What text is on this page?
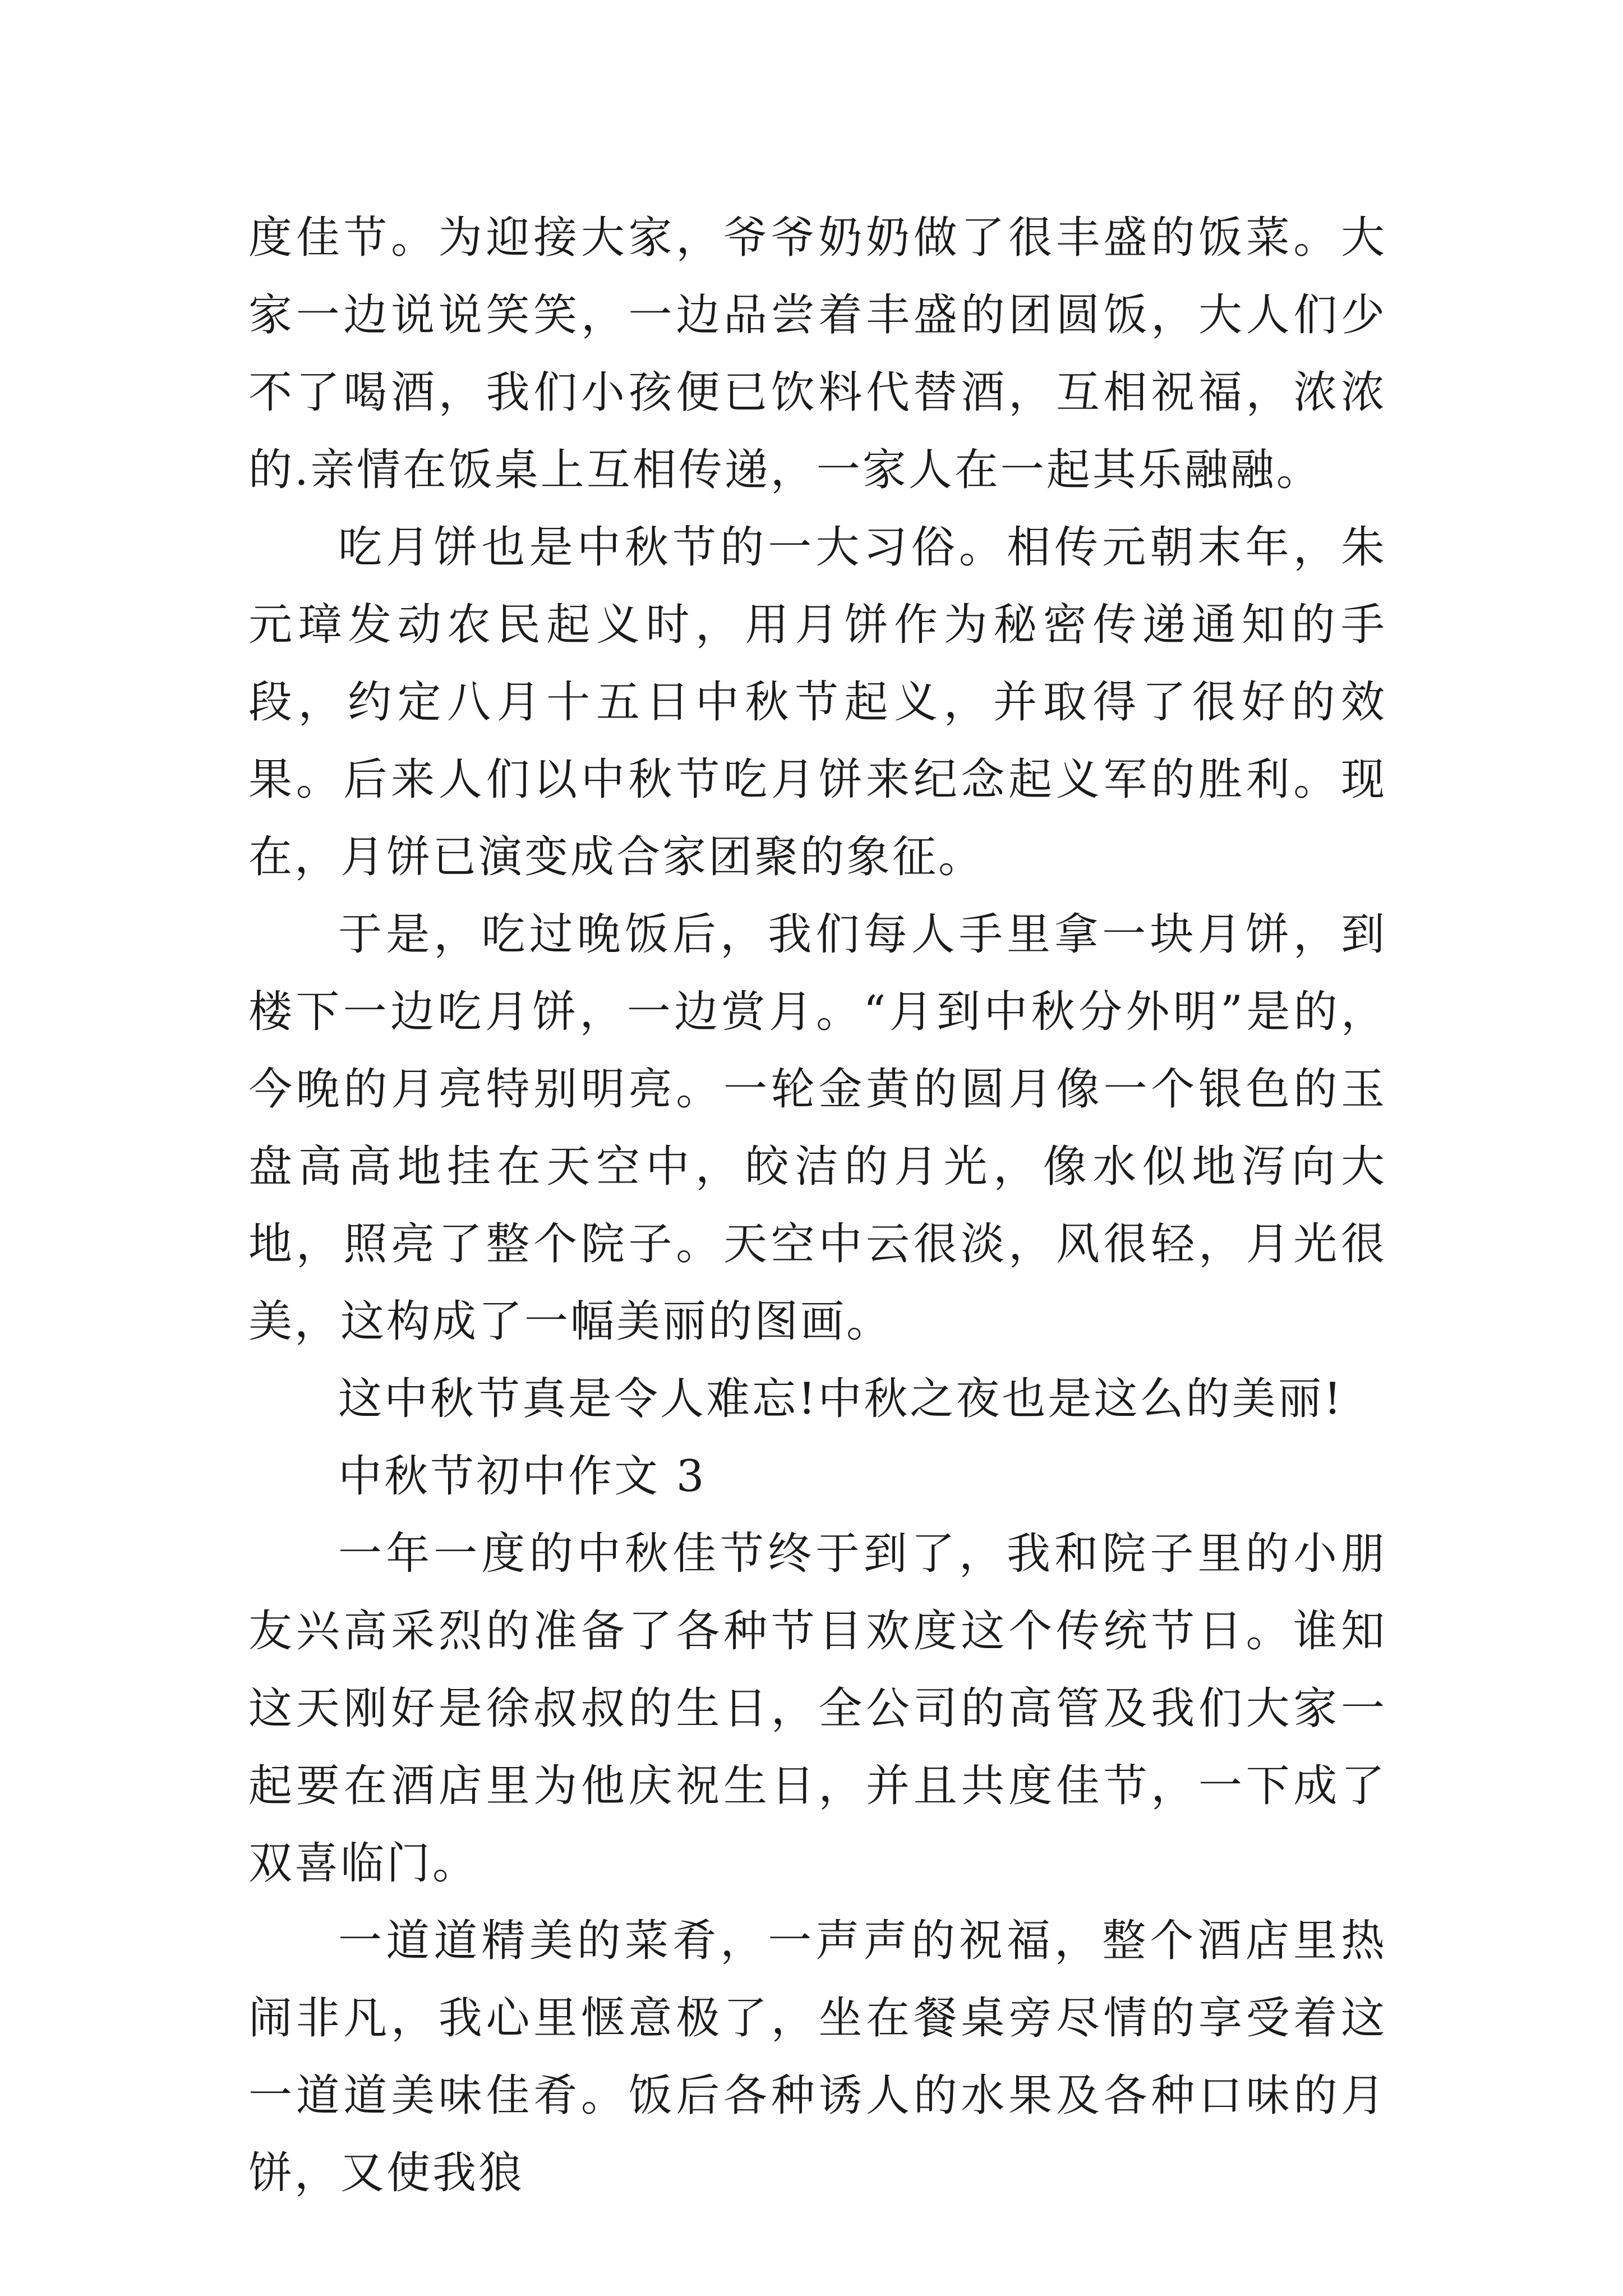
度佳节。为迎接大家，爷爷奶奶做了很丰盛的饭菜。大家一边说说笑笑，一边品尝着丰盛的团圆饭，大人们少不了喝酒，我们小孩便已饮料代替酒，互相祝福，浓浓的.亲情在饭桌上互相传递，一家人在一起其乐融融。

吃月饼也是中秋节的一大习俗。相传元朝末年，朱元璋发动农民起义时，用月饼作为秘密传递通知的手段，约定八月十五日中秋节起义，并取得了很好的效果。后来人们以中秋节吃月饼来纪念起义军的胜利。现在，月饼已演变成合家团聚的象征。

于是，吃过晚饭后，我们每人手里拿一块月饼，到楼下一边吃月饼，一边赏月。“月到中秋分外明”是的，今晚的月亮特别明亮。一轮金黄的圆月像一个银色的玉盘高高地挂在天空中，皎洁的月光，像水似地泻向大地，照亮了整个院子。天空中云很淡，风很轻，月光很美，这构成了一幅美丽的图画。

这中秋节真是令人难忘!中秋之夜也是这么的美丽!

中秋节初中作文 3

一年一度的中秋佳节终于到了，我和院子里的小朋友兴高采烈的准备了各种节目欢度这个传统节日。谁知这天刚好是徐叔叔的生日，全公司的高管及我们大家一起要在酒店里为他庆祝生日，并且共度佳节，一下成了双喜临门。

一道道精美的菜肴，一声声的祝福，整个酒店里热闹非凡，我心里惬意极了，坐在餐桌旁尽情的享受着这一道道美味佳肴。饭后各种诱人的水果及各种口味的月饼，又使我狼
